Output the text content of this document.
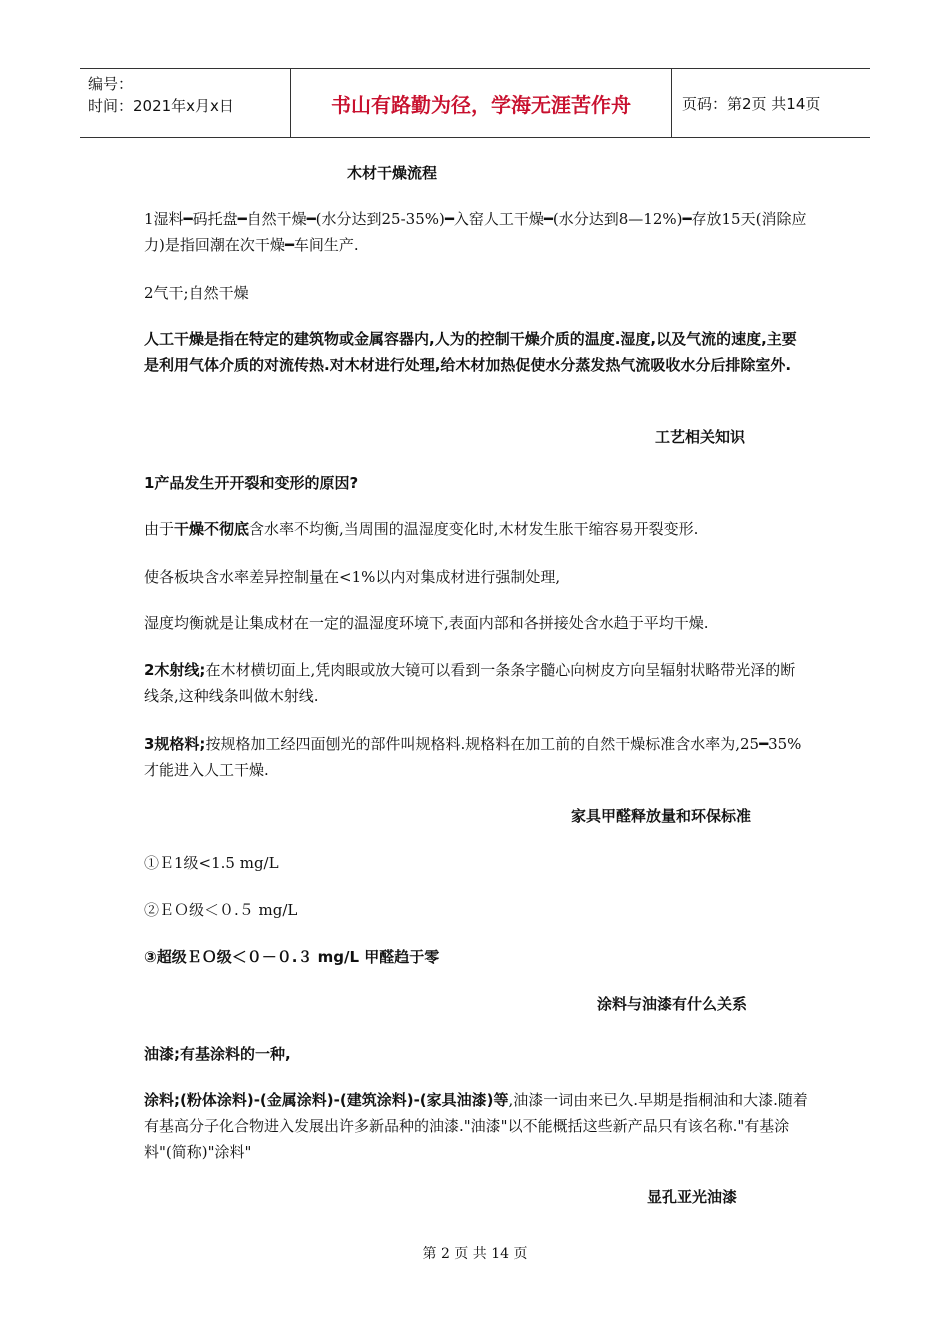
编号：
时间：2021年x月x日	书山有路勤为径，学海无涯苦作舟	页码：第2页 共14页
木材干燥流程
1湿料━码托盘━自然干燥━(水分达到25-35%)━入窑人工干燥━(水分达到8—12%)━存放15天(消除应力)是指回潮在次干燥━车间生产.
2气干;自然干燥
人工干燥是指在特定的建筑物或金属容器内,人为的控制干燥介质的温度.湿度,以及气流的速度,主要是利用气体介质的对流传热.对木材进行处理,给木材加热促使水分蒸发热气流吸收水分后排除室外.
工艺相关知识
1产品发生开开裂和变形的原因?
由于干燥不彻底含水率不均衡,当周围的温湿度变化时,木材发生胀干缩容易开裂变形.
使各板块含水率差异控制量在<1%以内对集成材进行强制处理,
湿度均衡就是让集成材在一定的温湿度环境下,表面内部和各拼接处含水趋于平均干燥.
2木射线;在木材横切面上,凭肉眼或放大镜可以看到一条条字髓心向树皮方向呈辐射状略带光泽的断线条,这种线条叫做木射线.
3规格料;按规格加工经四面刨光的部件叫规格料.规格料在加工前的自然干燥标准含水率为,25━35%才能进入人工干燥.
家具甲醛释放量和环保标准
①Ｅ1级<1.5 mg/L
②ＥＯ级＜０.５ mg/L
③超级ＥＯ级＜０－０.３ mg/L 甲醛趋于零
涂料与油漆有什么关系
油漆;有基涂料的一种,
涂料;(粉体涂料)-(金属涂料)-(建筑涂料)-(家具油漆)等,油漆一词由来已久.早期是指桐油和大漆.随着有基高分子化合物进入发展出许多新品种的油漆."油漆"以不能概括这些新产品只有该名称."有基涂料"(简称)"涂料"
显孔亚光油漆
第 2 页 共 14 页
